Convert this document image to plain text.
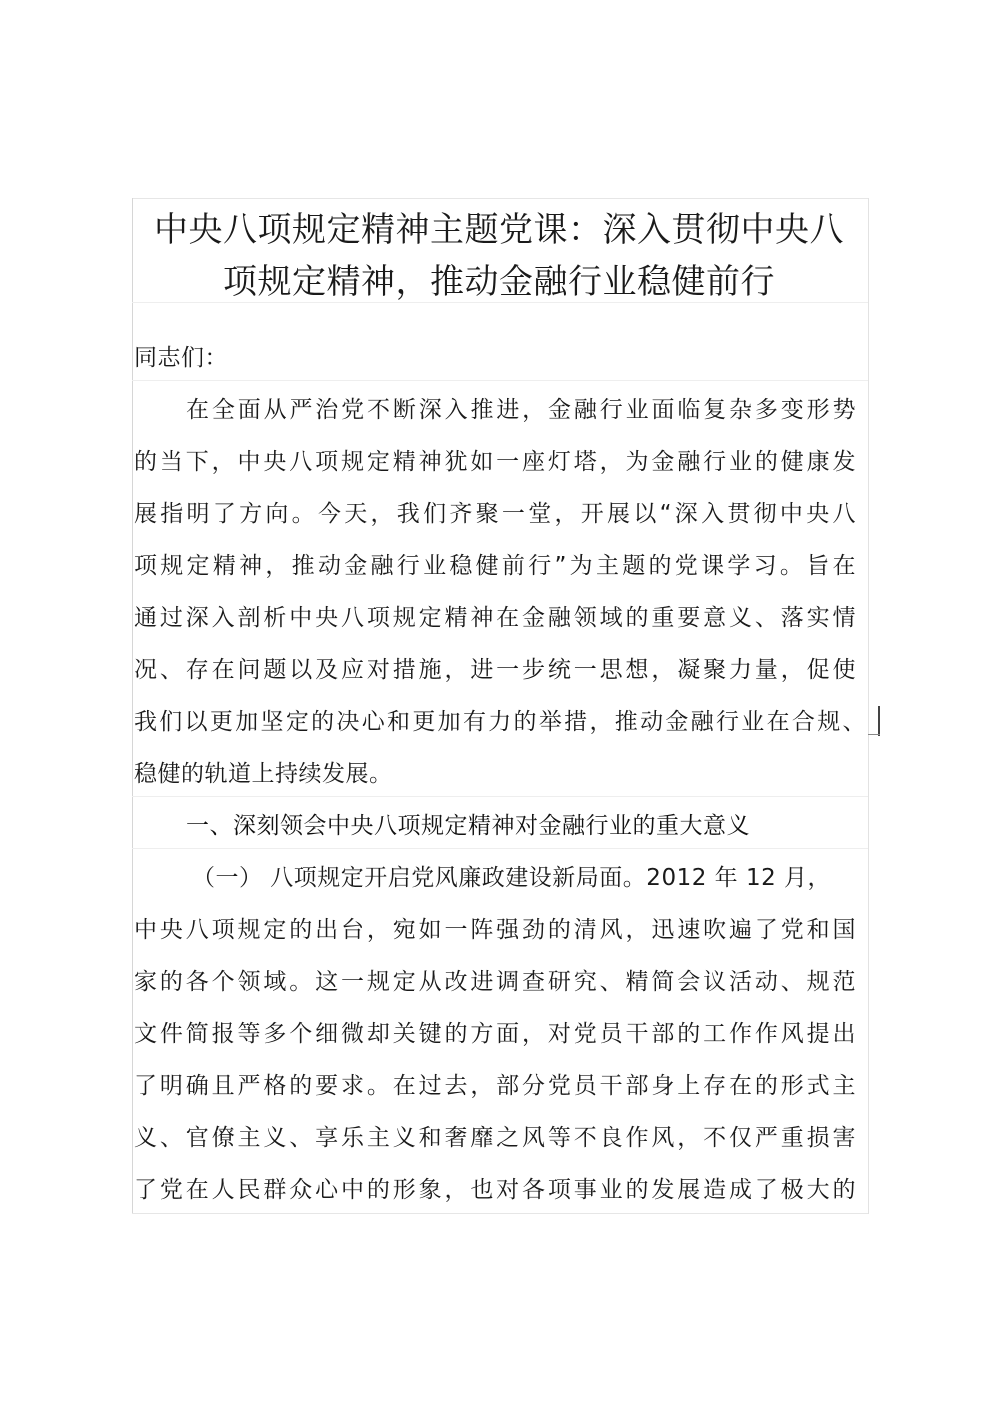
中央八项规定精神主题党课：深入贯彻中央八
项规定精神，推动金融行业稳健前行
同志们：
在全面从严治党不断深入推进，金融行业面临复杂多变形势
的当下，中央八项规定精神犹如一座灯塔，为金融行业的健康发
展指明了方向。今天，我们齐聚一堂，开展以“深入贯彻中央八
项规定精神，推动金融行业稳健前行”为主题的党课学习。旨在
通过深入剖析中央八项规定精神在金融领域的重要意义、落实情
况、存在问题以及应对措施，进一步统一思想，凝聚力量，促使
我们以更加坚定的决心和更加有力的举措，推动金融行业在合规、
稳健的轨道上持续发展。
一、深刻领会中央八项规定精神对金融行业的重大意义
（一） 八项规定开启党风廉政建设新局面。2012 年 12 月，
中央八项规定的出台，宛如一阵强劲的清风，迅速吹遍了党和国
家的各个领域。这一规定从改进调查研究、精简会议活动、规范
文件简报等多个细微却关键的方面，对党员干部的工作作风提出
了明确且严格的要求。在过去，部分党员干部身上存在的形式主
义、官僚主义、享乐主义和奢靡之风等不良作风，不仅严重损害
了党在人民群众心中的形象，也对各项事业的发展造成了极大的
